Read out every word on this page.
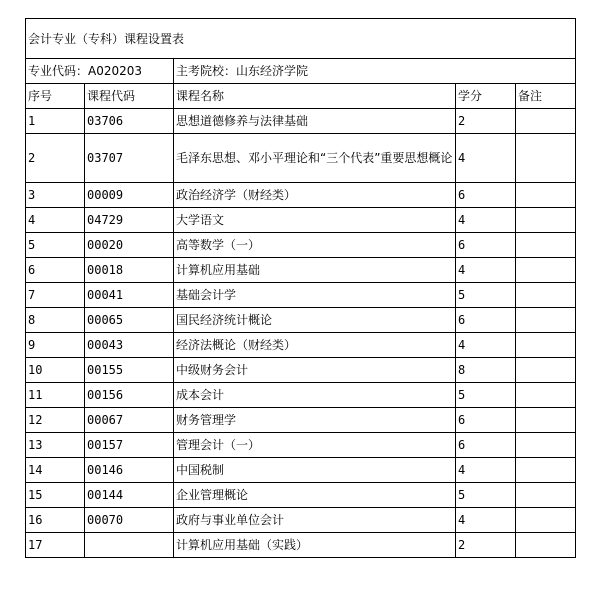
会计专业（专科）课程设置表				
专业代码：A020203		主考院校：山东经济学院		
序号	课程代码	课程名称	学分	备注
1	03706	思想道德修养与法律基础	2	
2	03707	毛泽东思想、邓小平理论和“三个代表”重要思想概论	4	
3	00009	政治经济学（财经类）	6	
4	04729	大学语文	4	
5	00020	高等数学（一）	6	
6	00018	计算机应用基础	4	
7	00041	基础会计学	5	
8	00065	国民经济统计概论	6	
9	00043	经济法概论（财经类）	4	
10	00155	中级财务会计	8	
11	00156	成本会计	5	
12	00067	财务管理学	6	
13	00157	管理会计（一）	6	
14	00146	中国税制	4	
15	00144	企业管理概论	5	
16	00070	政府与事业单位会计	4	
17		计算机应用基础（实践）	2	
